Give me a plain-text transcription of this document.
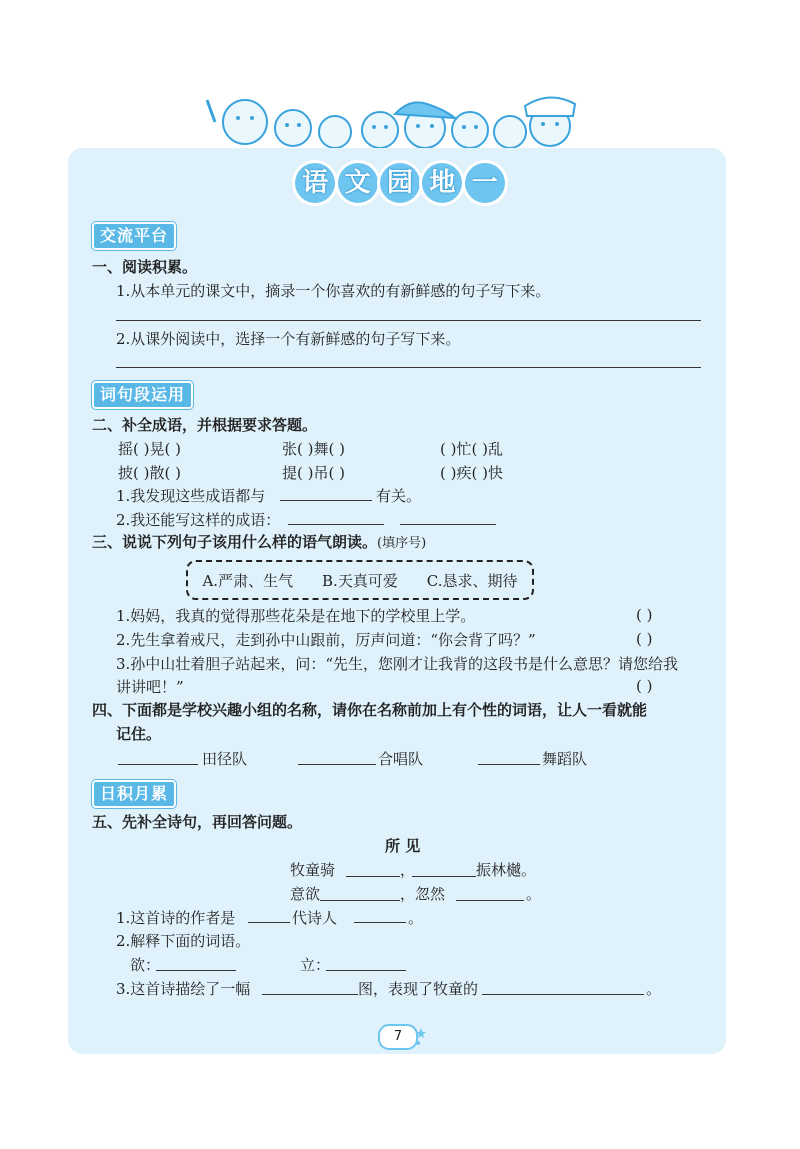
语 文 园 地 一
交流平台
一、阅读积累。
1.从本单元的课文中，摘录一个你喜欢的有新鲜感的句子写下来。
2.从课外阅读中，选择一个有新鲜感的句子写下来。
词句段运用
二、补全成语，并根据要求答题。
摇( )晃( )	张( )舞( )	( )忙( )乱
披( )散( )	提( )吊( )	( )疾( )快
1.我发现这些成语都与	有关。
2.我还能写这样的成语：
三、说说下列句子该用什么样的语气朗读。(填序号)
A.严肃、生气 B.天真可爱 C.恳求、期待
1.妈妈，我真的觉得那些花朵是在地下的学校里上学。	( )
2.先生拿着戒尺，走到孙中山跟前，厉声问道：“你会背了吗？”	( )
3.孙中山壮着胆子站起来，问：“先生，您刚才让我背的这段书是什么意思？请您给我
讲讲吧！”	( )
四、下面都是学校兴趣小组的名称，请你在名称前加上有个性的词语，让人一看就能
记住。
田径队	合唱队	舞蹈队
日积月累
五、先补全诗句，再回答问题。
所 见
牧童骑	，	振林樾。
意欲	，忽然	。
1.这首诗的作者是	代诗人	。
2.解释下面的词语。
欲：	立：
3.这首诗描绘了一幅	图，表现了牧童的	。
7
